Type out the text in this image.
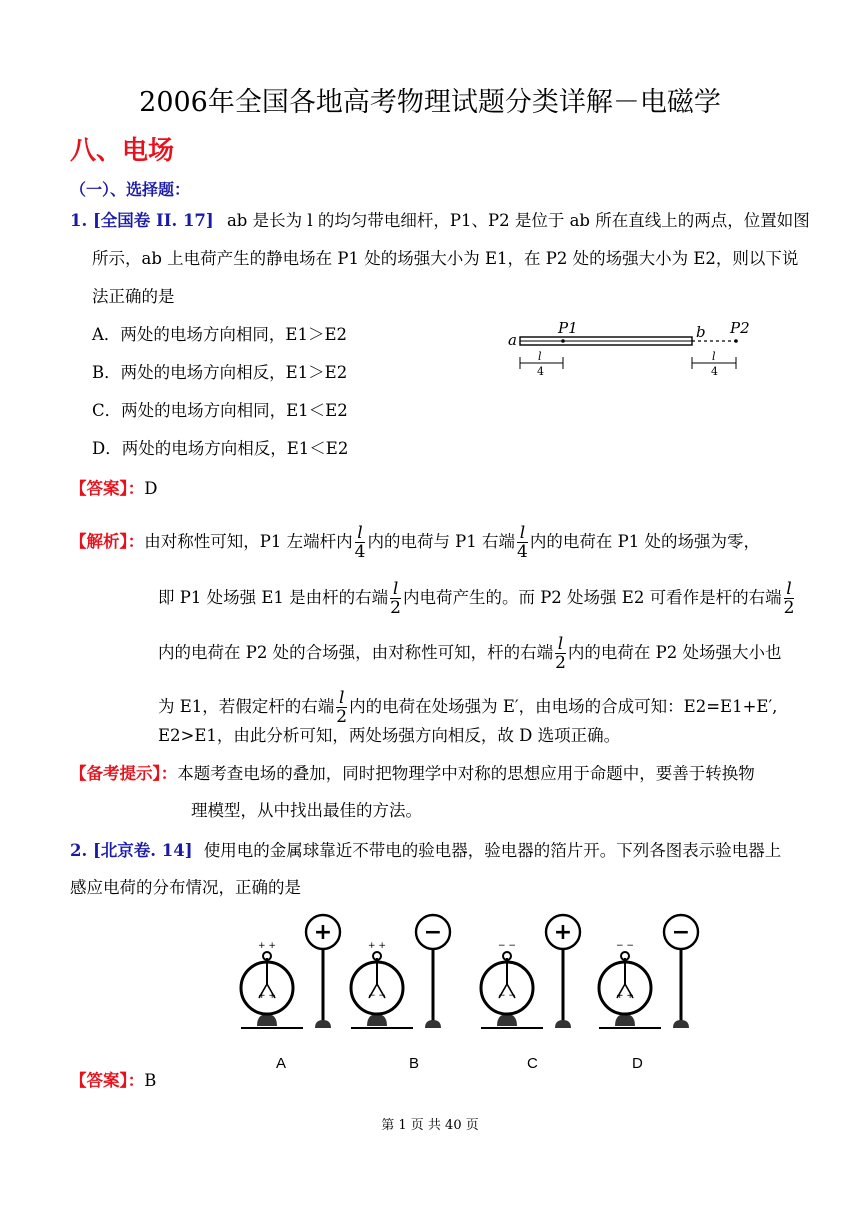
2006年全国各地高考物理试题分类详解－电磁学
八、电场
（一）、选择题：
1. [全国卷 II. 17] ab 是长为 l 的均匀带电细杆，P1、P2 是位于 ab 所在直线上的两点，位置如图
所示，ab 上电荷产生的静电场在 P1 处的场强大小为 E1，在 P2 处的场强大小为 E2，则以下说
法正确的是
A．两处的电场方向相同，E1＞E2
B．两处的电场方向相反，E1＞E2
C．两处的电场方向相同，E1＜E2
D．两处的电场方向相反，E1＜E2
a	b
P1	P2
l
4
l
4
【答案】：D
【解析】：由对称性可知，P1 左端杆内 $\frac{l}{4}$ 内的电荷与 P1 右端 $\frac{l}{4}$ 内的电荷在 P1 处的场强为零，
即 P1 处场强 E1 是由杆的右端 $\frac{l}{2}$ 内电荷产生的。而 P2 处场强 E2 可看作是杆的右端 $\frac{l}{2}$
内的电荷在 P2 处的合场强，由对称性可知，杆的右端 $\frac{l}{2}$ 内的电荷在 P2 处场强大小也
为 E1，若假定杆的右端 $\frac{l}{2}$ 内的电荷在处场强为 E′，由电场的合成可知：E2=E1+E′,
E2>E1，由此分析可知，两处场强方向相反，故 D 选项正确。
【备考提示】：本题考查电场的叠加，同时把物理学中对称的思想应用于命题中，要善于转换物
理模型，从中找出最佳的方法。
2. [北京卷. 14] 使用电的金属球靠近不带电的验电器，验电器的箔片开。下列各图表示验电器上
感应电荷的分布情况，正确的是
+
+ +
+ +
−
+ +
− −
+
− −
− −
−
− −
+ +
A	B	C	D
【答案】：B
第 1 页 共 40 页
